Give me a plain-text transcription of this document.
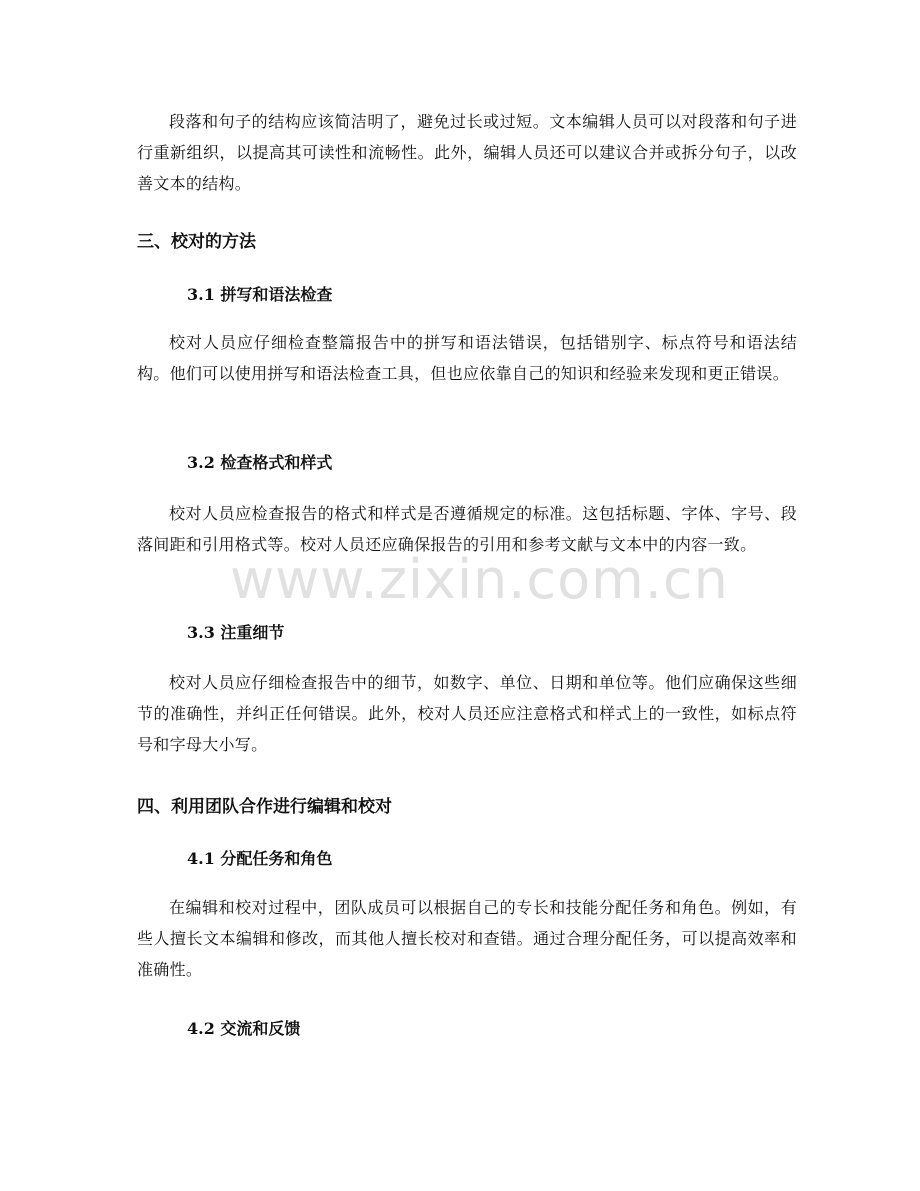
段落和句子的结构应该简洁明了，避免过长或过短。文本编辑人员可以对段落和句子进行重新组织，以提高其可读性和流畅性。此外，编辑人员还可以建议合并或拆分句子，以改善文本的结构。

三、校对的方法
3.1 拼写和语法检查

校对人员应仔细检查整篇报告中的拼写和语法错误，包括错别字、标点符号和语法结构。他们可以使用拼写和语法检查工具，但也应依靠自己的知识和经验来发现和更正错误。

3.2 检查格式和样式

校对人员应检查报告的格式和样式是否遵循规定的标准。这包括标题、字体、字号、段落间距和引用格式等。校对人员还应确保报告的引用和参考文献与文本中的内容一致。

3.3 注重细节

校对人员应仔细检查报告中的细节，如数字、单位、日期和单位等。他们应确保这些细节的准确性，并纠正任何错误。此外，校对人员还应注意格式和样式上的一致性，如标点符号和字母大小写。

四、利用团队合作进行编辑和校对
4.1 分配任务和角色

在编辑和校对过程中，团队成员可以根据自己的专长和技能分配任务和角色。例如，有些人擅长文本编辑和修改，而其他人擅长校对和查错。通过合理分配任务，可以提高效率和准确性。

4.2 交流和反馈
www.zixin.com.cn
